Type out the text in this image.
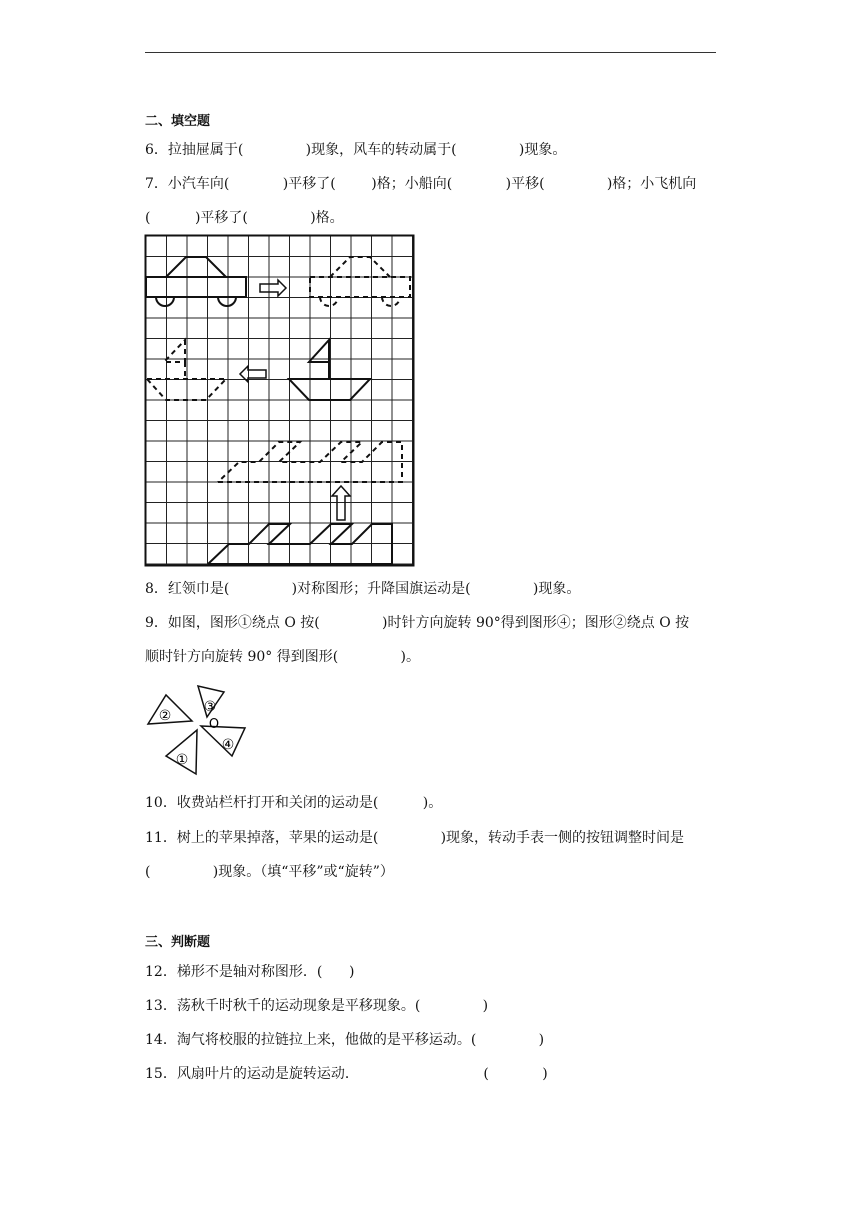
二、填空题
6．拉抽屉属于(              )现象，风车的转动属于(              )现象。
7．小汽车向(            )平移了(        )格；小船向(            )平移(              )格；小飞机向
(          )平移了(              )格。
8．红领巾是(              )对称图形；升降国旗运动是(              )现象。
9．如图，图形①绕点 O 按(              )时针方向旋转 90°得到图形④；图形②绕点 O 按
顺时针方向旋转 90° 得到图形(              )。
③
②
④
①
O
10．收费站栏杆打开和关闭的运动是(          )。
11．树上的苹果掉落，苹果的运动是(              )现象，转动手表一侧的按钮调整时间是
(              )现象。（填“平移”或“旋转”）
三、判断题
12．梯形不是轴对称图形．(      )
13．荡秋千时秋千的运动现象是平移现象。(              )
14．淘气将校服的拉链拉上来，他做的是平移运动。(              )
15．风扇叶片的运动是旋转运动．                            (            )
